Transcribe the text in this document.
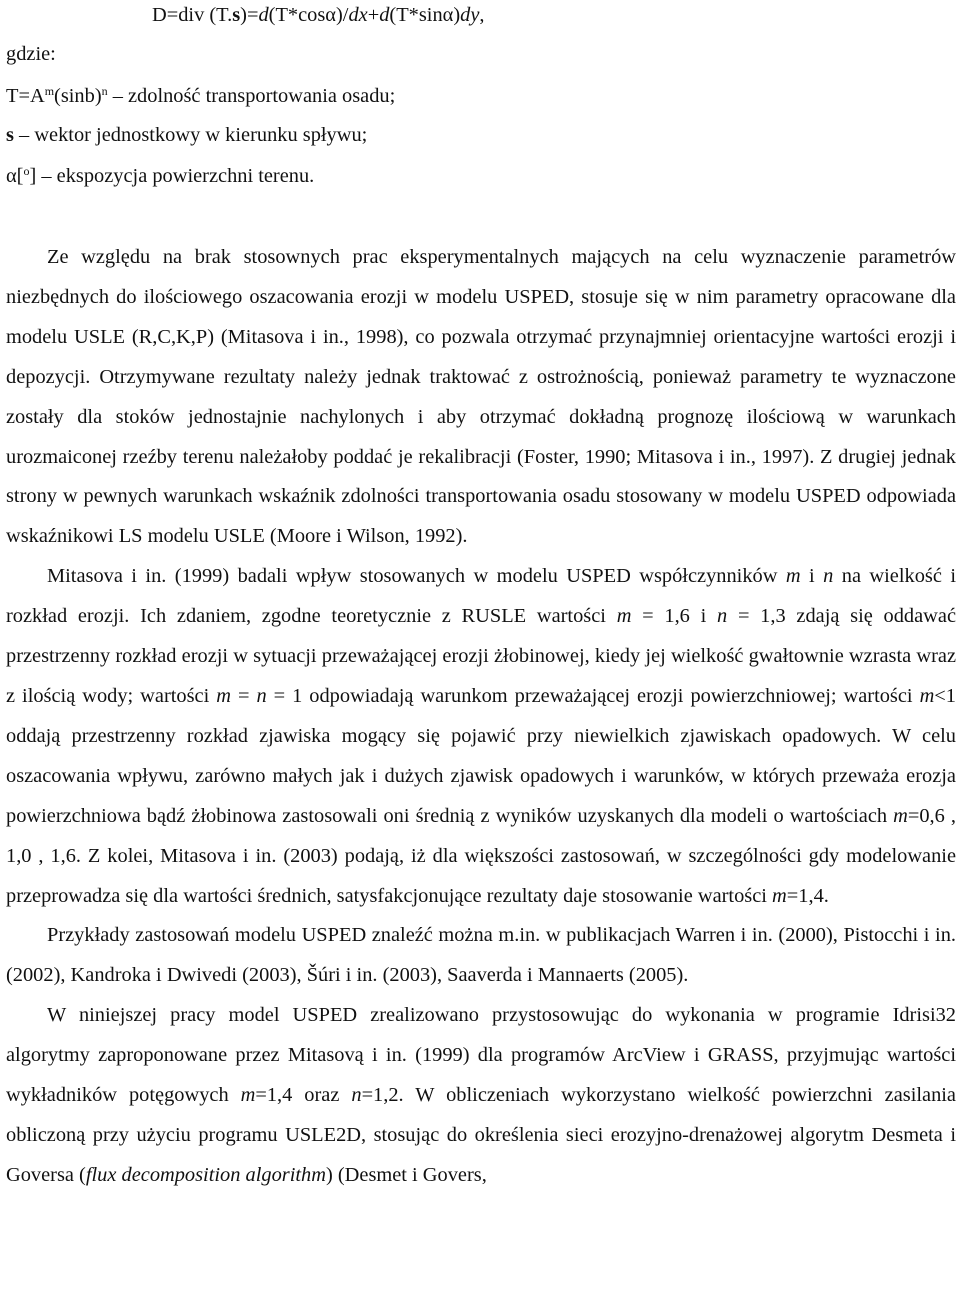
D=div (T.s)=d(T*cosα)/dx+d(T*sinα)dy,
gdzie:
$T=A^m(\sin b)^n$ – zdolność transportowania osadu;
s – wektor jednostkowy w kierunku spływu;
α[$^o$] – ekspozycja powierzchni terenu.

Ze względu na brak stosownych prac eksperymentalnych mających na celu wyznaczenie parametrów niezbędnych do ilościowego oszacowania erozji w modelu USPED, stosuje się w nim parametry opracowane dla modelu USLE (R,C,K,P) (Mitasova i in., 1998), co pozwala otrzymać przynajmniej orientacyjne wartości erozji i depozycji. Otrzymywane rezultaty należy jednak traktować z ostrożnością, ponieważ parametry te wyznaczone zostały dla stoków jednostajnie nachylonych i aby otrzymać dokładną prognozę ilościową w warunkach urozmaiconej rzeźby terenu należałoby poddać je rekalibracji (Foster, 1990; Mitasova i in., 1997). Z drugiej jednak strony w pewnych warunkach wskaźnik zdolności transportowania osadu stosowany w modelu USPED odpowiada wskaźnikowi LS modelu USLE (Moore i Wilson, 1992).

Mitasova i in. (1999) badali wpływ stosowanych w modelu USPED współczynników m i n na wielkość i rozkład erozji. Ich zdaniem, zgodne teoretycznie z RUSLE wartości m = 1,6 i n = 1,3 zdają się oddawać przestrzenny rozkład erozji w sytuacji przeważającej erozji żłobinowej, kiedy jej wielkość gwałtownie wzrasta wraz z ilością wody; wartości m = n = 1 odpowiadają warunkom przeważającej erozji powierzchniowej; wartości m<1 oddają przestrzenny rozkład zjawiska mogący się pojawić przy niewielkich zjawiskach opadowych. W celu oszacowania wpływu, zarówno małych jak i dużych zjawisk opadowych i warunków, w których przeważa erozja powierzchniowa bądź żłobinowa zastosowali oni średnią z wyników uzyskanych dla modeli o wartościach m=0,6 , 1,0 , 1,6. Z kolei, Mitasova i in. (2003) podają, iż dla większości zastosowań, w szczególności gdy modelowanie przeprowadza się dla wartości średnich, satysfakcjonujące rezultaty daje stosowanie wartości m=1,4.

Przykłady zastosowań modelu USPED znaleźć można m.in. w publikacjach Warren i in. (2000), Pistocchi i in. (2002), Kandroka i Dwivedi (2003), Šúri i in. (2003), Saaverda i Mannaerts (2005).

W niniejszej pracy model USPED zrealizowano przystosowując do wykonania w programie Idrisi32 algorytmy zaproponowane przez Mitasovą i in. (1999) dla programów ArcView i GRASS, przyjmując wartości wykładników potęgowych m=1,4 oraz n=1,2. W obliczeniach wykorzystano wielkość powierzchni zasilania obliczoną przy użyciu programu USLE2D, stosując do określenia sieci erozyjno-drenażowej algorytm Desmeta i Goversa (flux decomposition algorithm) (Desmet i Govers,
